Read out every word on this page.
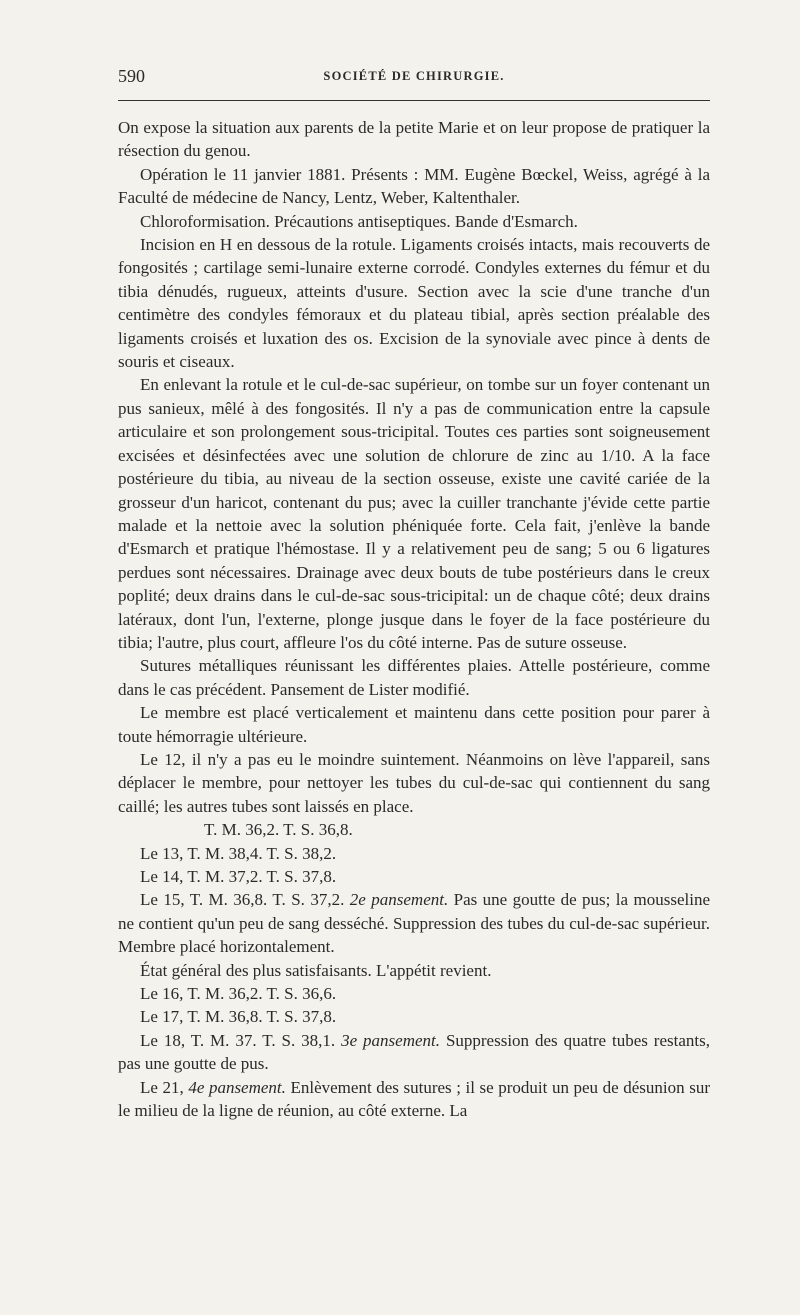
590	SOCIÉTÉ DE CHIRURGIE.

On expose la situation aux parents de la petite Marie et on leur propose de pratiquer la résection du genou.

Opération le 11 janvier 1881. Présents : MM. Eugène Bœckel, Weiss, agrégé à la Faculté de médecine de Nancy, Lentz, Weber, Kaltenthaler.

Chloroformisation. Précautions antiseptiques. Bande d'Esmarch.

Incision en H en dessous de la rotule. Ligaments croisés intacts, mais recouverts de fongosités ; cartilage semi-lunaire externe corrodé. Condyles externes du fémur et du tibia dénudés, rugueux, atteints d'usure. Section avec la scie d'une tranche d'un centimètre des condyles fémoraux et du plateau tibial, après section préalable des ligaments croisés et luxation des os. Excision de la synoviale avec pince à dents de souris et ciseaux.

En enlevant la rotule et le cul-de-sac supérieur, on tombe sur un foyer contenant un pus sanieux, mêlé à des fongosités. Il n'y a pas de communication entre la capsule articulaire et son prolongement sous-tricipital. Toutes ces parties sont soigneusement excisées et désinfectées avec une solution de chlorure de zinc au 1/10. A la face postérieure du tibia, au niveau de la section osseuse, existe une cavité cariée de la grosseur d'un haricot, contenant du pus; avec la cuiller tranchante j'évide cette partie malade et la nettoie avec la solution phéniquée forte. Cela fait, j'enlève la bande d'Esmarch et pratique l'hémostase. Il y a relativement peu de sang; 5 ou 6 ligatures perdues sont nécessaires. Drainage avec deux bouts de tube postérieurs dans le creux poplité; deux drains dans le cul-de-sac sous-tricipital: un de chaque côté; deux drains latéraux, dont l'un, l'externe, plonge jusque dans le foyer de la face postérieure du tibia; l'autre, plus court, affleure l'os du côté interne. Pas de suture osseuse.

Sutures métalliques réunissant les différentes plaies. Attelle postérieure, comme dans le cas précédent. Pansement de Lister modifié.

Le membre est placé verticalement et maintenu dans cette position pour parer à toute hémorragie ultérieure.

Le 12, il n'y a pas eu le moindre suintement. Néanmoins on lève l'appareil, sans déplacer le membre, pour nettoyer les tubes du cul-de-sac qui contiennent du sang caillé; les autres tubes sont laissés en place.

T. M. 36,2. T. S. 36,8.

Le 13, T. M. 38,4. T. S. 38,2.

Le 14, T. M. 37,2. T. S. 37,8.

Le 15, T. M. 36,8. T. S. 37,2. 2e pansement. Pas une goutte de pus; la mousseline ne contient qu'un peu de sang desséché. Suppression des tubes du cul-de-sac supérieur. Membre placé horizontalement.

État général des plus satisfaisants. L'appétit revient.

Le 16, T. M. 36,2. T. S. 36,6.

Le 17, T. M. 36,8. T. S. 37,8.

Le 18, T. M. 37. T. S. 38,1. 3e pansement. Suppression des quatre tubes restants, pas une goutte de pus.

Le 21, 4e pansement. Enlèvement des sutures ; il se produit un peu de désunion sur le milieu de la ligne de réunion, au côté externe. La
